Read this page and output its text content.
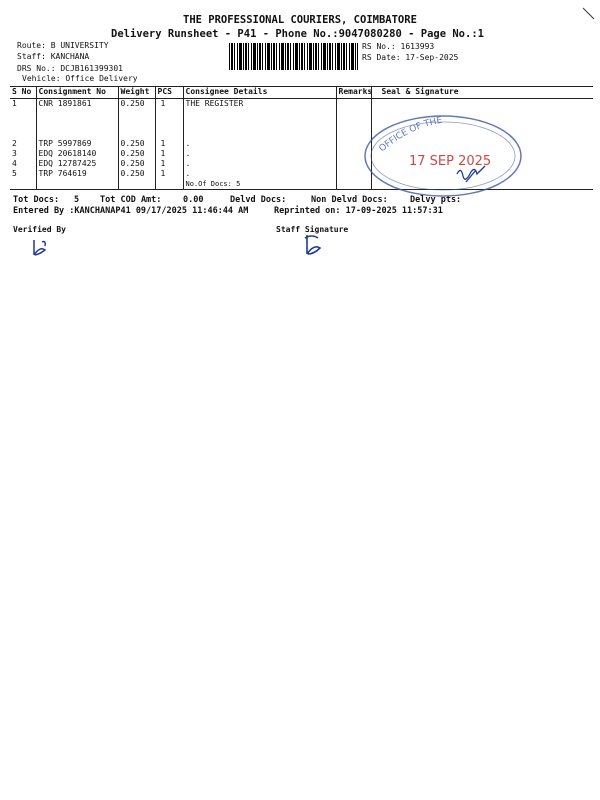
THE PROFESSIONAL COURIERS, COIMBATORE
Delivery Runsheet - P41 - Phone No.:9047080280 - Page No.:1
Route: B UNIVERSITY
Staff: KANCHANA
DRS No.: DCJB161399301
Vehicle: Office Delivery
RS No.: 1613993
RS Date: 17-Sep-2025
S No	Consignment No	Weight	PCS	Consignee Details	Remarks	Seal & Signature
1	CNR 1891861	0.250	1	THE REGISTER		

2	TRP 5997869	0.250	1	.		
3	EDQ 20618140	0.250	1	.		
4	EDQ 12787425	0.250	1	.		
5	TRP 764619	0.250	1	.		
				No.Of Docs: 5		
Tot Docs: 5 Tot COD Amt:	0.00	Delvd Docs:	Non Delvd Docs:	Delvy pts:
Entered By :KANCHANAP41 09/17/2025 11:46:44 AM	Reprinted on: 17-09-2025 11:57:31
Verified By	Staff Signature
OFFICE OF THE
17 SEP 2025
